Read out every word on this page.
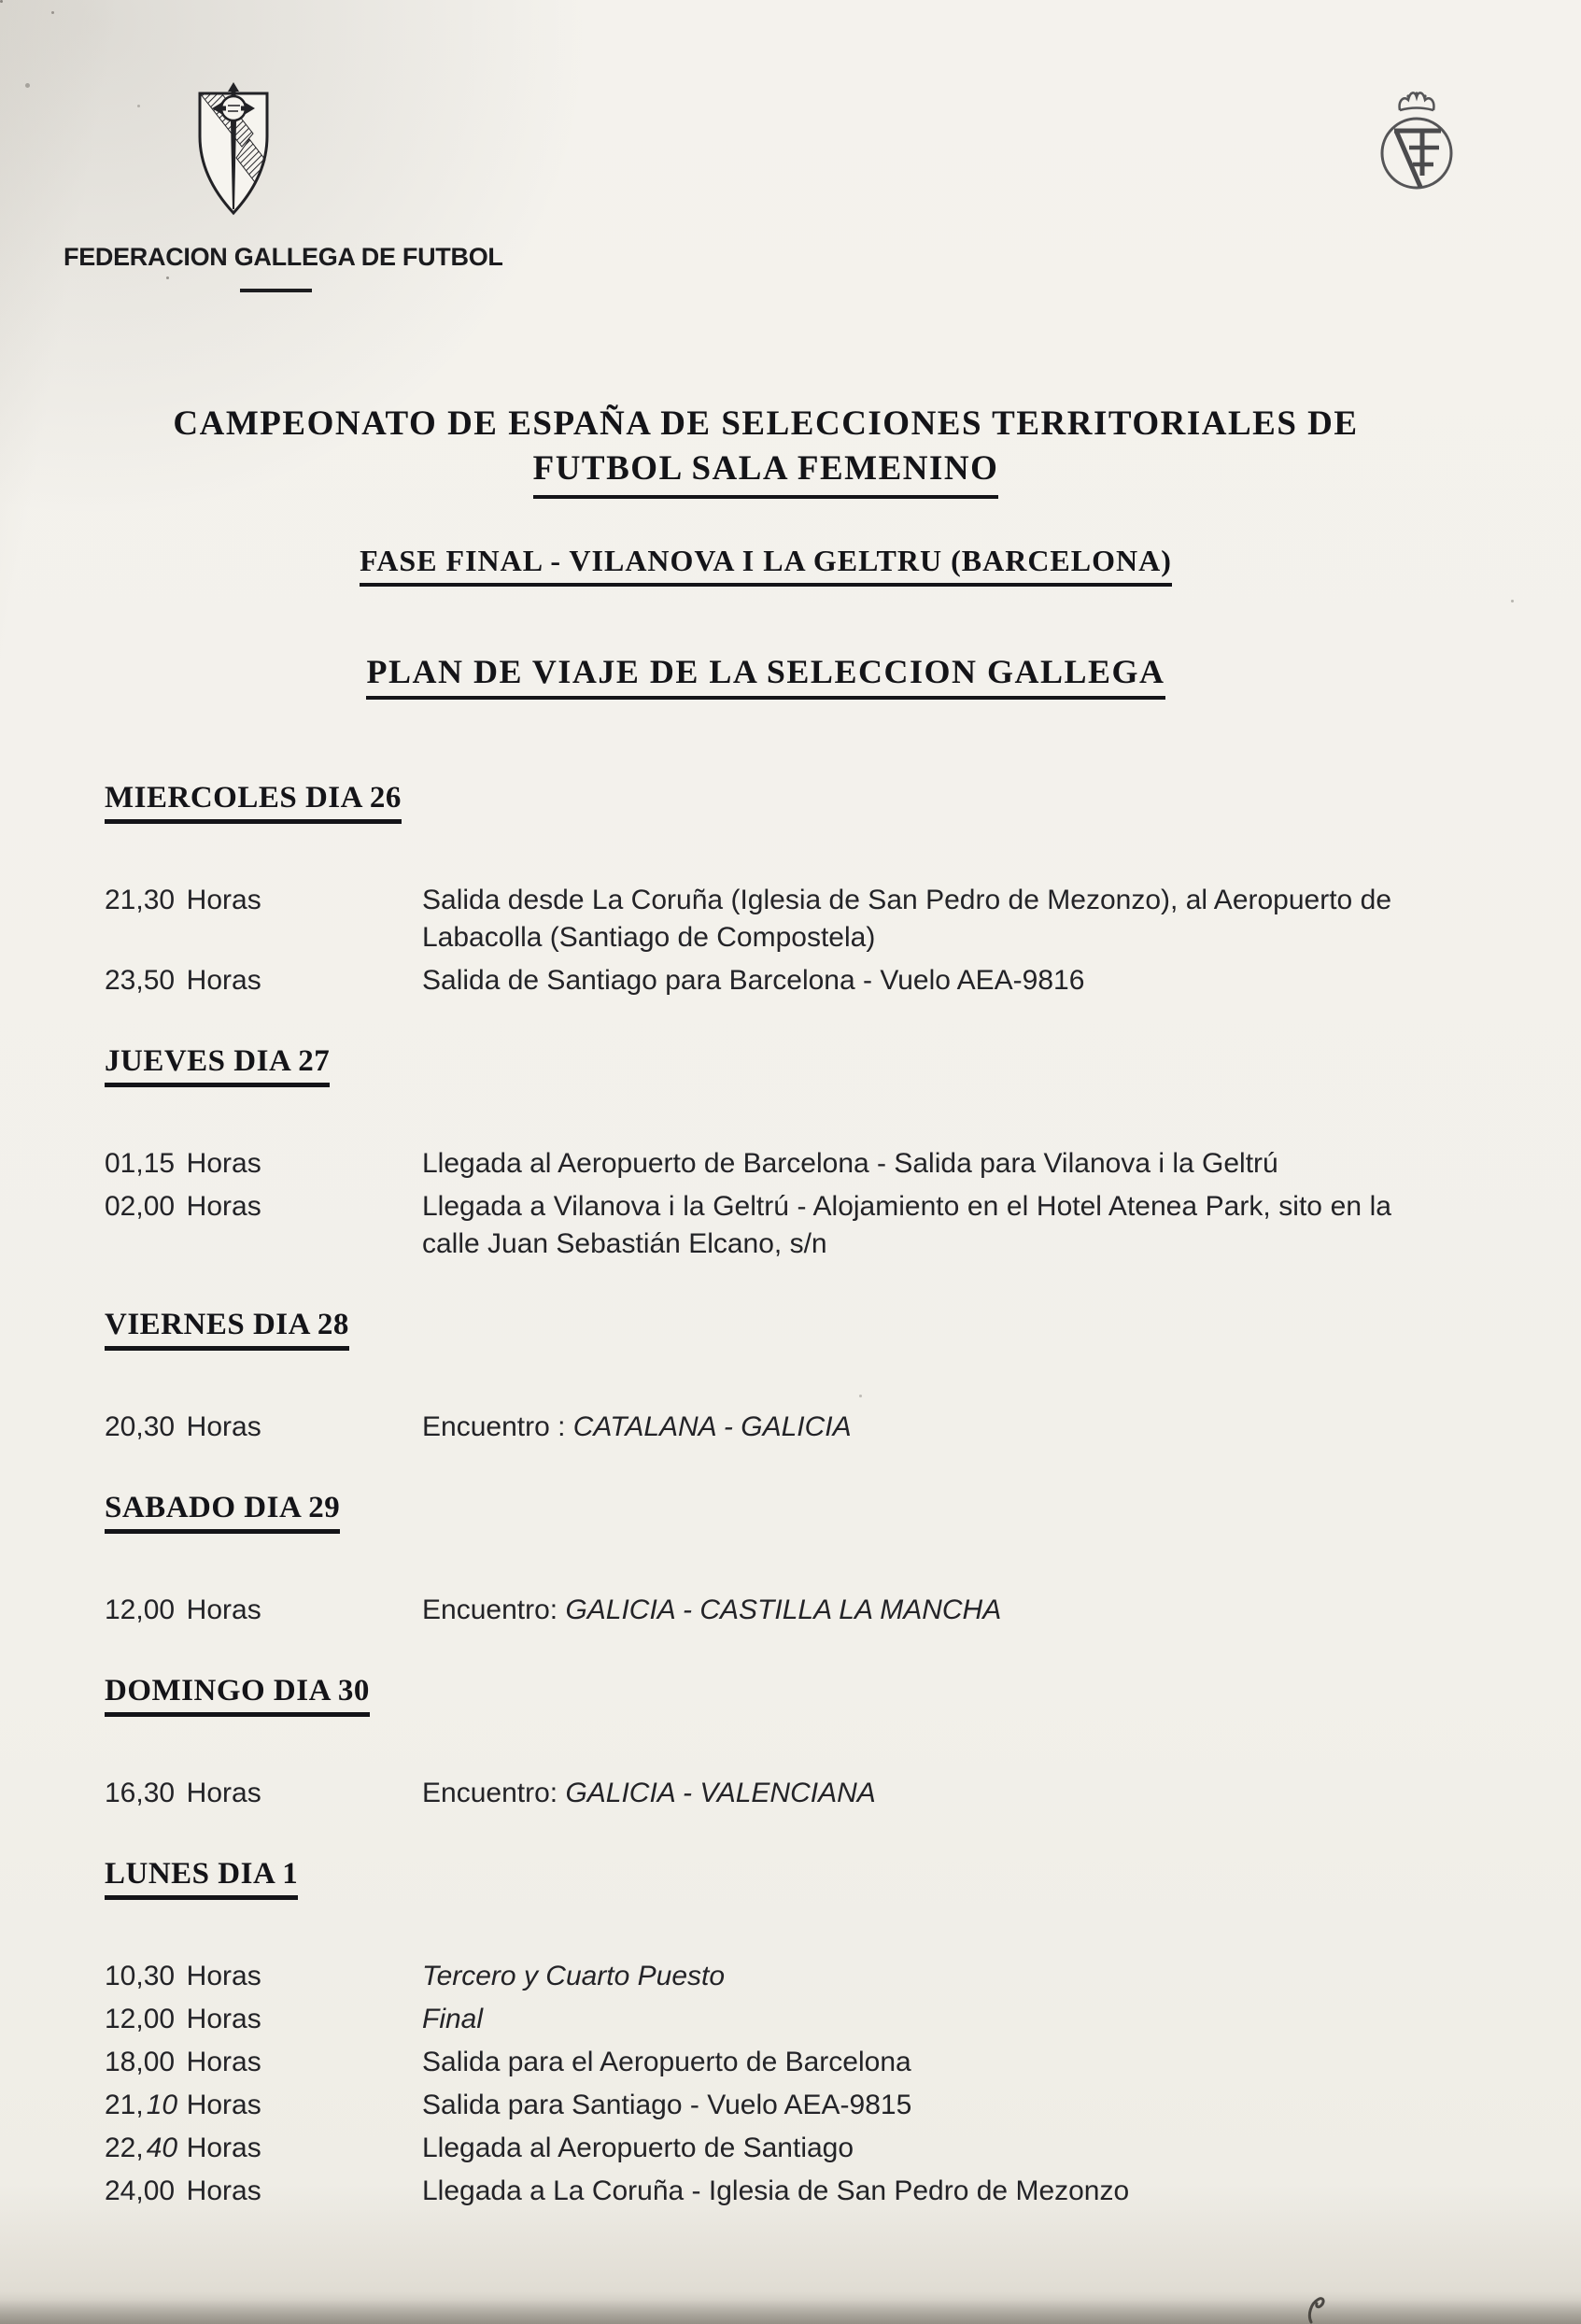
FEDERACION GALLEGA DE FUTBOL
CAMPEONATO DE ESPAÑA DE SELECCIONES TERRITORIALES DE
FUTBOL SALA FEMENINO
FASE FINAL - VILANOVA I LA GELTRU (BARCELONA)
PLAN DE VIAJE DE LA SELECCION GALLEGA
MIERCOLES DIA 26
21,30 Horas	Salida desde La Coruña (Iglesia de San Pedro de Mezonzo), al Aeropuerto de Labacolla (Santiago de Compostela)
23,50 Horas	Salida de Santiago para Barcelona - Vuelo AEA-9816
JUEVES DIA 27
01,15 Horas	Llegada al Aeropuerto de Barcelona - Salida para Vilanova i la Geltrú
02,00 Horas	Llegada a Vilanova i la Geltrú - Alojamiento en el Hotel Atenea Park, sito en la calle Juan Sebastián Elcano, s/n
VIERNES DIA 28
20,30 Horas	Encuentro : CATALANA - GALICIA
SABADO DIA 29
12,00 Horas	Encuentro: GALICIA - CASTILLA LA MANCHA
DOMINGO DIA 30
16,30 Horas	Encuentro: GALICIA - VALENCIANA
LUNES DIA 1
10,30 Horas	Tercero y Cuarto Puesto
12,00 Horas	Final
18,00 Horas	Salida para el Aeropuerto de Barcelona
21, 10 Horas	Salida para Santiago - Vuelo AEA-9815
22, 40 Horas	Llegada al Aeropuerto de Santiago
24,00 Horas	Llegada a La Coruña - Iglesia de San Pedro de Mezonzo
